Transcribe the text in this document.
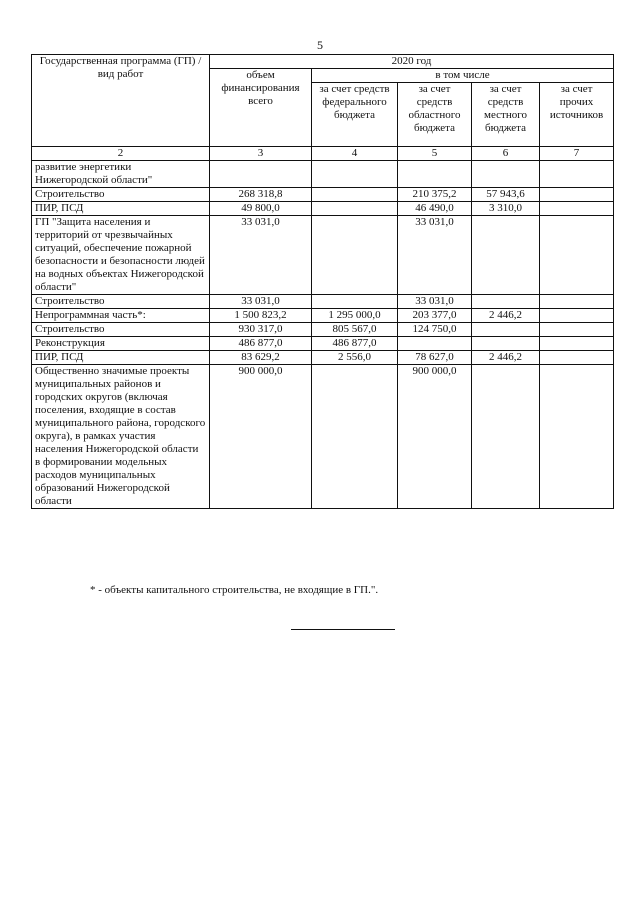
5
Государственная программа (ГП) / вид работ	2020 год				
	объем финансирования всего	в том числе			
		за счет средств федерального бюджета	за счет средств областного бюджета	за счет средств местного бюджета	за счет прочих источников
2	3	4	5	6	7
развитие энергетики Нижегородской области"					
Строительство	268 318,8		210 375,2	57 943,6	
ПИР, ПСД	49 800,0		46 490,0	3 310,0	
ГП "Защита населения и территорий от чрезвычайных ситуаций, обеспечение пожарной безопасности и безопасности людей на водных объектах Нижегородской области"	33 031,0		33 031,0		
Строительство	33 031,0		33 031,0		
Непрограммная часть*:	1 500 823,2	1 295 000,0	203 377,0	2 446,2	
Строительство	930 317,0	805 567,0	124 750,0		
Реконструкция	486 877,0	486 877,0			
ПИР, ПСД	83 629,2	2 556,0	78 627,0	2 446,2	
Общественно значимые проекты муниципальных районов и городских округов (включая поселения, входящие в состав муниципального района, городского округа), в рамках участия населения Нижегородской области в формировании модельных расходов муниципальных образований Нижегородской области	900 000,0		900 000,0		
* - объекты капитального строительства, не входящие в ГП.".
